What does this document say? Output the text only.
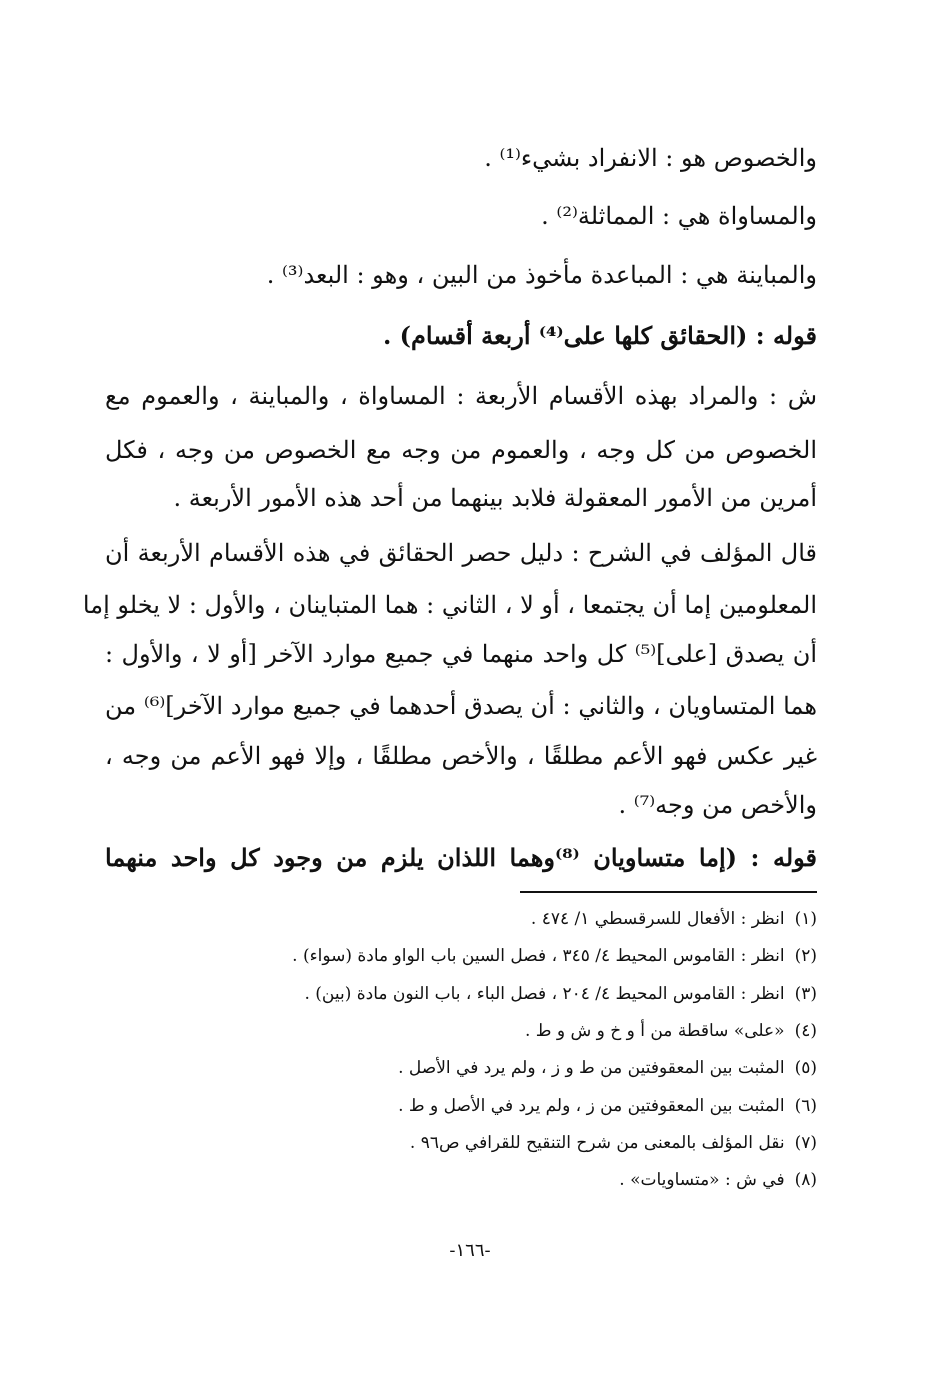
والخصوص هو : الانفراد بشيء⁽¹⁾ .
والمساواة هي : المماثلة⁽²⁾ .
والمباينة هي : المباعدة مأخوذ من البين ، وهو : البعد⁽³⁾ .
قوله : (الحقائق كلها على⁽⁴⁾ أربعة أقسام) .
ش : والمراد بهذه الأقسام الأربعة : المساواة ، والمباينة ، والعموم مع
الخصوص من كل وجه ، والعموم من وجه مع الخصوص من وجه ، فكل
أمرين من الأمور المعقولة فلابد بينهما من أحد هذه الأمور الأربعة .
قال المؤلف في الشرح : دليل حصر الحقائق في هذه الأقسام الأربعة أن
المعلومين إما أن يجتمعا ، أو لا ، الثاني : هما المتباينان ، والأول : لا يخلو إما
أن يصدق [على]⁽⁵⁾ كل واحد منهما في جميع موارد الآخر [أو لا ، والأول :
هما المتساويان ، والثاني : أن يصدق أحدهما في جميع موارد الآخر]⁽⁶⁾ من
غير عكس فهو الأعم مطلقًا ، والأخص مطلقًا ، وإلا فهو الأعم من وجه ،
والأخص من وجه⁽⁷⁾ .
قوله : (إما متساويان ⁽⁸⁾وهما اللذان يلزم من وجود كل واحد منهما
(١)انظر : الأفعال للسرقسطي ١/ ٤٧٤ .
(٢)انظر : القاموس المحيط ٤/ ٣٤٥ ، فصل السين باب الواو مادة (سواء) .
(٣)انظر : القاموس المحيط ٤/ ٢٠٤ ، فصل الباء ، باب النون مادة (بين) .
(٤)«على» ساقطة من أ و خ و ش و ط .
(٥)المثبت بين المعقوفتين من ط و ز ، ولم يرد في الأصل .
(٦)المثبت بين المعقوفتين من ز ، ولم يرد في الأصل و ط .
(٧)نقل المؤلف بالمعنى من شرح التنقيح للقرافي ص٩٦ .
(٨)في ش : «متساويات» .
-١٦٦-
